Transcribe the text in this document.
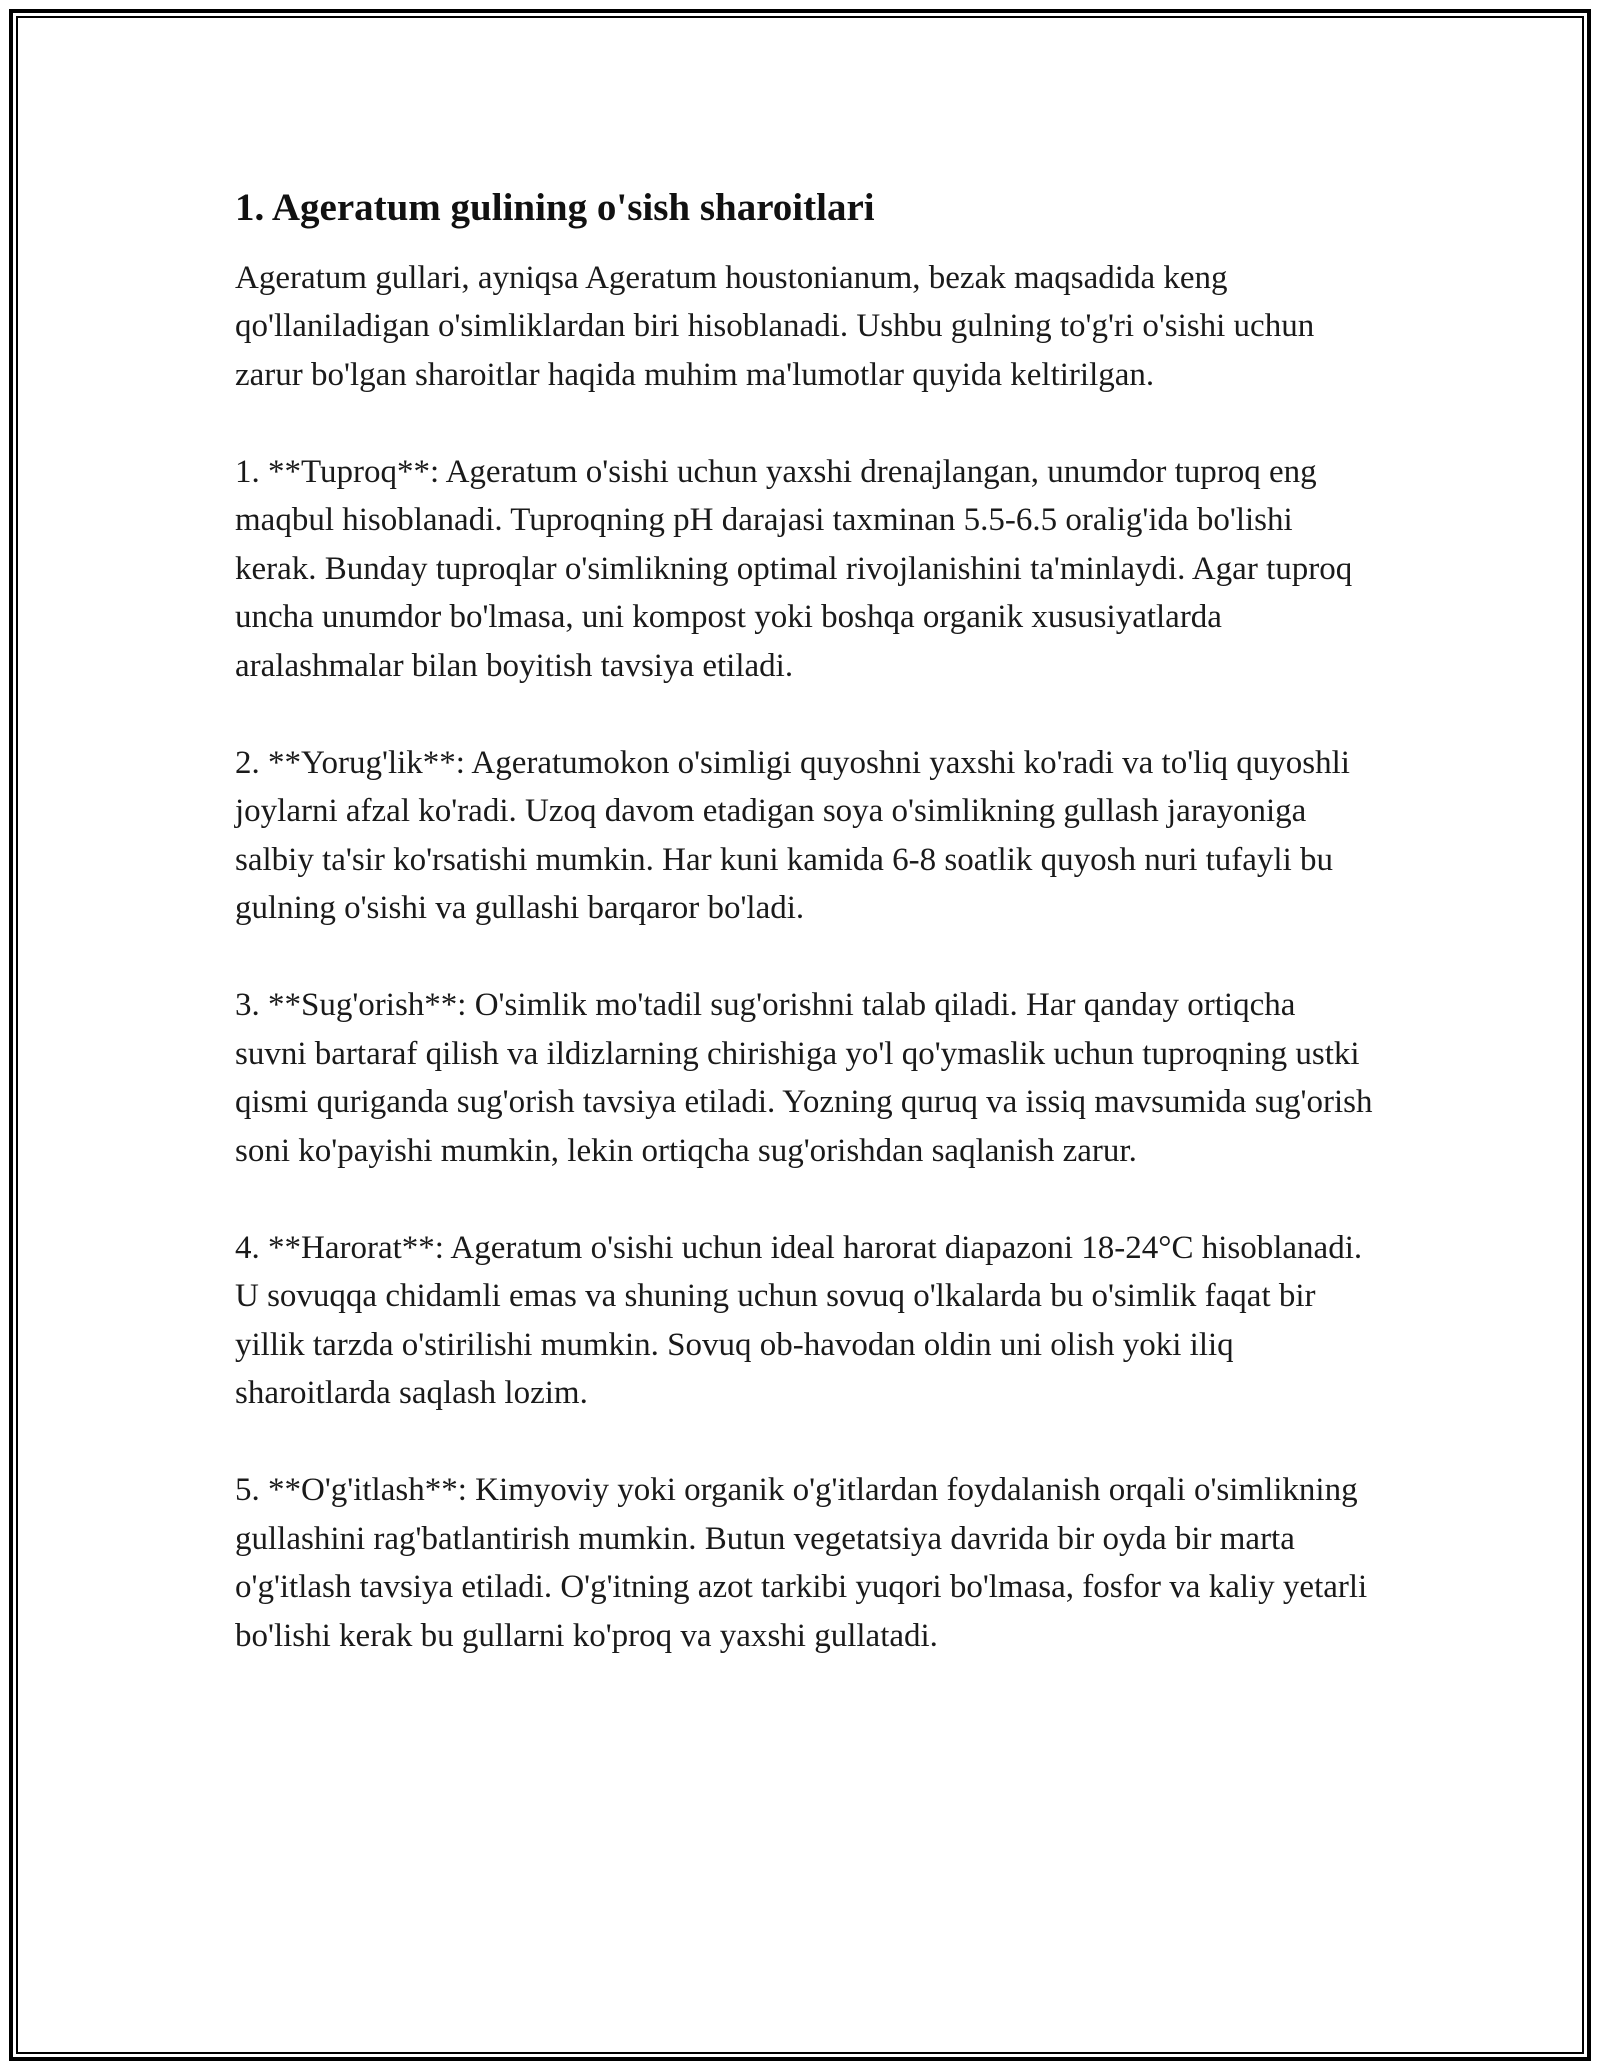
1. Ageratum gulining o'sish sharoitlari

Ageratum gullari, ayniqsa Ageratum houstonianum, bezak maqsadida keng qo'llaniladigan o'simliklardan biri hisoblanadi. Ushbu gulning to'g'ri o'sishi uchun zarur bo'lgan sharoitlar haqida muhim ma'lumotlar quyida keltirilgan.

1. **Tuproq**: Ageratum o'sishi uchun yaxshi drenajlangan, unumdor tuproq eng maqbul hisoblanadi. Tuproqning pH darajasi taxminan 5.5-6.5 oralig'ida bo'lishi kerak. Bunday tuproqlar o'simlikning optimal rivojlanishini ta'minlaydi. Agar tuproq uncha unumdor bo'lmasa, uni kompost yoki boshqa organik xususiyatlarda aralashmalar bilan boyitish tavsiya etiladi.

2. **Yorug'lik**: Ageratumokon o'simligi quyoshni yaxshi ko'radi va to'liq quyoshli joylarni afzal ko'radi. Uzoq davom etadigan soya o'simlikning gullash jarayoniga salbiy ta'sir ko'rsatishi mumkin. Har kuni kamida 6-8 soatlik quyosh nuri tufayli bu gulning o'sishi va gullashi barqaror bo'ladi.

3. **Sug'orish**: O'simlik mo'tadil sug'orishni talab qiladi. Har qanday ortiqcha suvni bartaraf qilish va ildizlarning chirishiga yo'l qo'ymaslik uchun tuproqning ustki qismi quriganda sug'orish tavsiya etiladi. Yozning quruq va issiq mavsumida sug'orish soni ko'payishi mumkin, lekin ortiqcha sug'orishdan saqlanish zarur.

4. **Harorat**: Ageratum o'sishi uchun ideal harorat diapazoni 18-24°C hisoblanadi. U sovuqqa chidamli emas va shuning uchun sovuq o'lkalarda bu o'simlik faqat bir yillik tarzda o'stirilishi mumkin. Sovuq ob-havodan oldin uni olish yoki iliq sharoitlarda saqlash lozim.

5. **O'g'itlash**: Kimyoviy yoki organik o'g'itlardan foydalanish orqali o'simlikning gullashini rag'batlantirish mumkin. Butun vegetatsiya davrida bir oyda bir marta o'g'itlash tavsiya etiladi. O'g'itning azot tarkibi yuqori bo'lmasa, fosfor va kaliy yetarli bo'lishi kerak bu gullarni ko'proq va yaxshi gullatadi.
